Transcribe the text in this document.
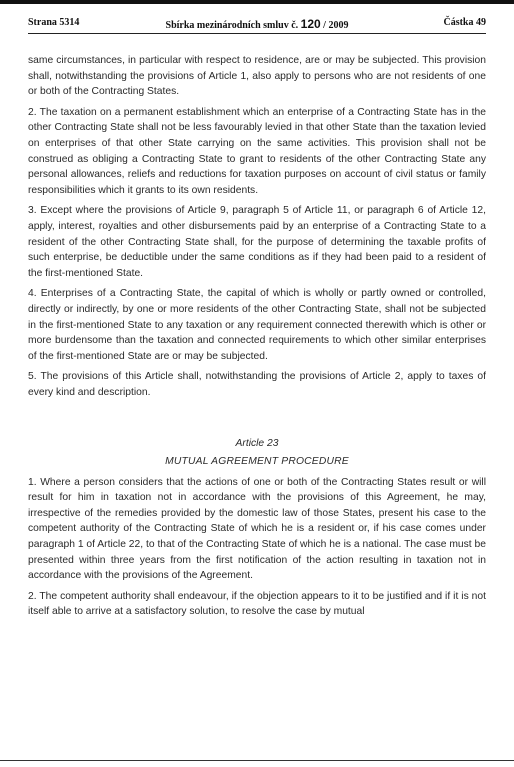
Strana 5314	Sbírka mezinárodních smluv č. 120 / 2009	Částka 49

same circumstances, in particular with respect to residence, are or may be subjected. This provision shall, notwithstanding the provisions of Article 1, also apply to persons who are not residents of one or both of the Contracting States.

2. The taxation on a permanent establishment which an enterprise of a Contracting State has in the other Contracting State shall not be less favourably levied in that other State than the taxation levied on enterprises of that other State carrying on the same activities. This provision shall not be construed as obliging a Contracting State to grant to residents of the other Contracting State any personal allowances, reliefs and reductions for taxation purposes on account of civil status or family responsibilities which it grants to its own residents.

3. Except where the provisions of Article 9, paragraph 5 of Article 11, or paragraph 6 of Article 12, apply, interest, royalties and other disbursements paid by an enterprise of a Contracting State to a resident of the other Contracting State shall, for the purpose of determining the taxable profits of such enterprise, be deductible under the same conditions as if they had been paid to a resident of the first-mentioned State.

4. Enterprises of a Contracting State, the capital of which is wholly or partly owned or controlled, directly or indirectly, by one or more residents of the other Contracting State, shall not be subjected in the first-mentioned State to any taxation or any requirement connected therewith which is other or more burdensome than the taxation and connected requirements to which other similar enterprises of the first-mentioned State are or may be subjected.

5. The provisions of this Article shall, notwithstanding the provisions of Article 2, apply to taxes of every kind and description.

Article 23
MUTUAL AGREEMENT PROCEDURE

1. Where a person considers that the actions of one or both of the Contracting States result or will result for him in taxation not in accordance with the provisions of this Agreement, he may, irrespective of the remedies provided by the domestic law of those States, present his case to the competent authority of the Contracting State of which he is a resident or, if his case comes under paragraph 1 of Article 22, to that of the Contracting State of which he is a national. The case must be presented within three years from the first notification of the action resulting in taxation not in accordance with the provisions of the Agreement.

2. The competent authority shall endeavour, if the objection appears to it to be justified and if it is not itself able to arrive at a satisfactory solution, to resolve the case by mutual
